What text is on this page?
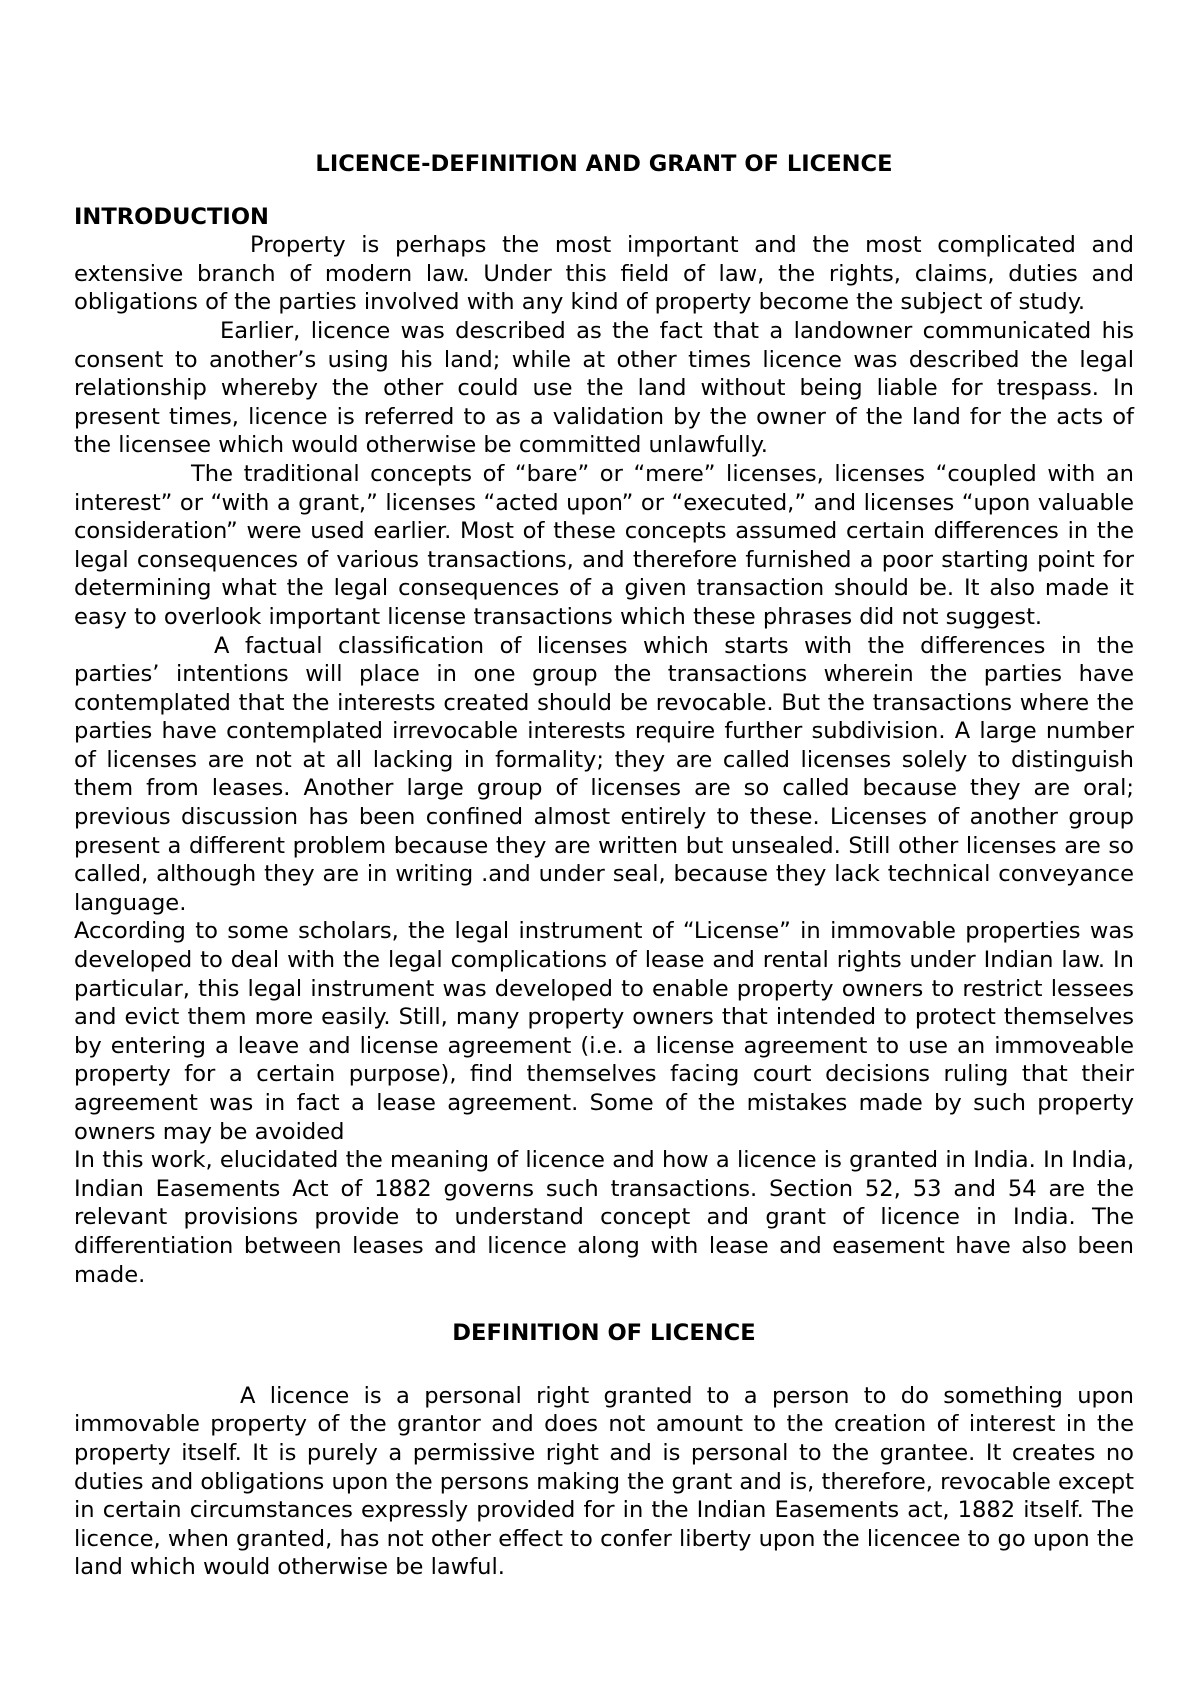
LICENCE-DEFINITION AND GRANT OF LICENCE
INTRODUCTION

Property is perhaps the most important and the most complicated and extensive branch of modern law. Under this field of law, the rights, claims, duties and obligations of the parties involved with any kind of property become the subject of study.

Earlier, licence was described as the fact that a landowner communicated his consent to another’s using his land; while at other times licence was described the legal relationship whereby the other could use the land without being liable for trespass. In present times, licence is referred to as a validation by the owner of the land for the acts of the licensee which would otherwise be committed unlawfully.

The traditional concepts of “bare” or “mere” licenses, licenses “coupled with an interest” or “with a grant,” licenses “acted upon” or “executed,” and licenses “upon valuable consideration” were used earlier. Most of these concepts assumed certain differences in the legal consequences of various transactions, and therefore furnished a poor starting point for determining what the legal consequences of a given transaction should be. It also made it easy to overlook important license transactions which these phrases did not suggest.

A factual classification of licenses which starts with the differences in the parties’ intentions will place in one group the transactions wherein the parties have contemplated that the interests created should be revocable. But the transactions where the parties have contemplated irrevocable interests require further subdivision. A large number of licenses are not at all lacking in formality; they are called licenses solely to distinguish them from leases. Another large group of licenses are so called because they are oral; previous discussion has been confined almost entirely to these. Licenses of another group present a different problem because they are written but unsealed. Still other licenses are so called, although they are in writing .and under seal, because they lack technical conveyance language.

According to some scholars, the legal instrument of “License” in immovable properties was developed to deal with the legal complications of lease and rental rights under Indian law. In particular, this legal instrument was developed to enable property owners to restrict lessees and evict them more easily. Still, many property owners that intended to protect themselves by entering a leave and license agreement (i.e. a license agreement to use an immoveable property for a certain purpose), find themselves facing court decisions ruling that their agreement was in fact a lease agreement. Some of the mistakes made by such property owners may be avoided

In this work, elucidated the meaning of licence and how a licence is granted in India. In India, Indian Easements Act of 1882 governs such transactions. Section 52, 53 and 54 are the relevant provisions provide to understand concept and grant of licence in India. The differentiation between leases and licence along with lease and easement have also been made.

DEFINITION OF LICENCE

A licence is a personal right granted to a person to do something upon immovable property of the grantor and does not amount to the creation of interest in the property itself. It is purely a permissive right and is personal to the grantee. It creates no duties and obligations upon the persons making the grant and is, therefore, revocable except in certain circumstances expressly provided for in the Indian Easements act, 1882 itself. The licence, when granted, has not other effect to confer liberty upon the licencee to go upon the land which would otherwise be lawful.
